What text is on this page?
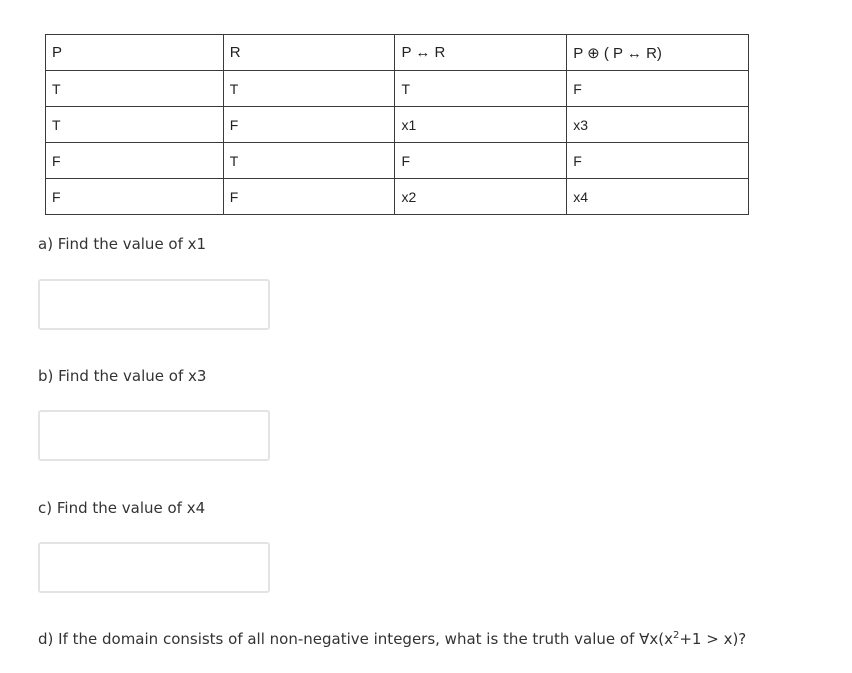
P	R	P ↔ R	P ⊕ ( P ↔ R)
T	T	T	F
T	F	x1	x3
F	T	F	F
F	F	x2	x4
a) Find the value of x1
b) Find the value of x3
c) Find the value of x4
d) If the domain consists of all non-negative integers, what is the truth value of $\forall x(x^2+1 > x)$?
